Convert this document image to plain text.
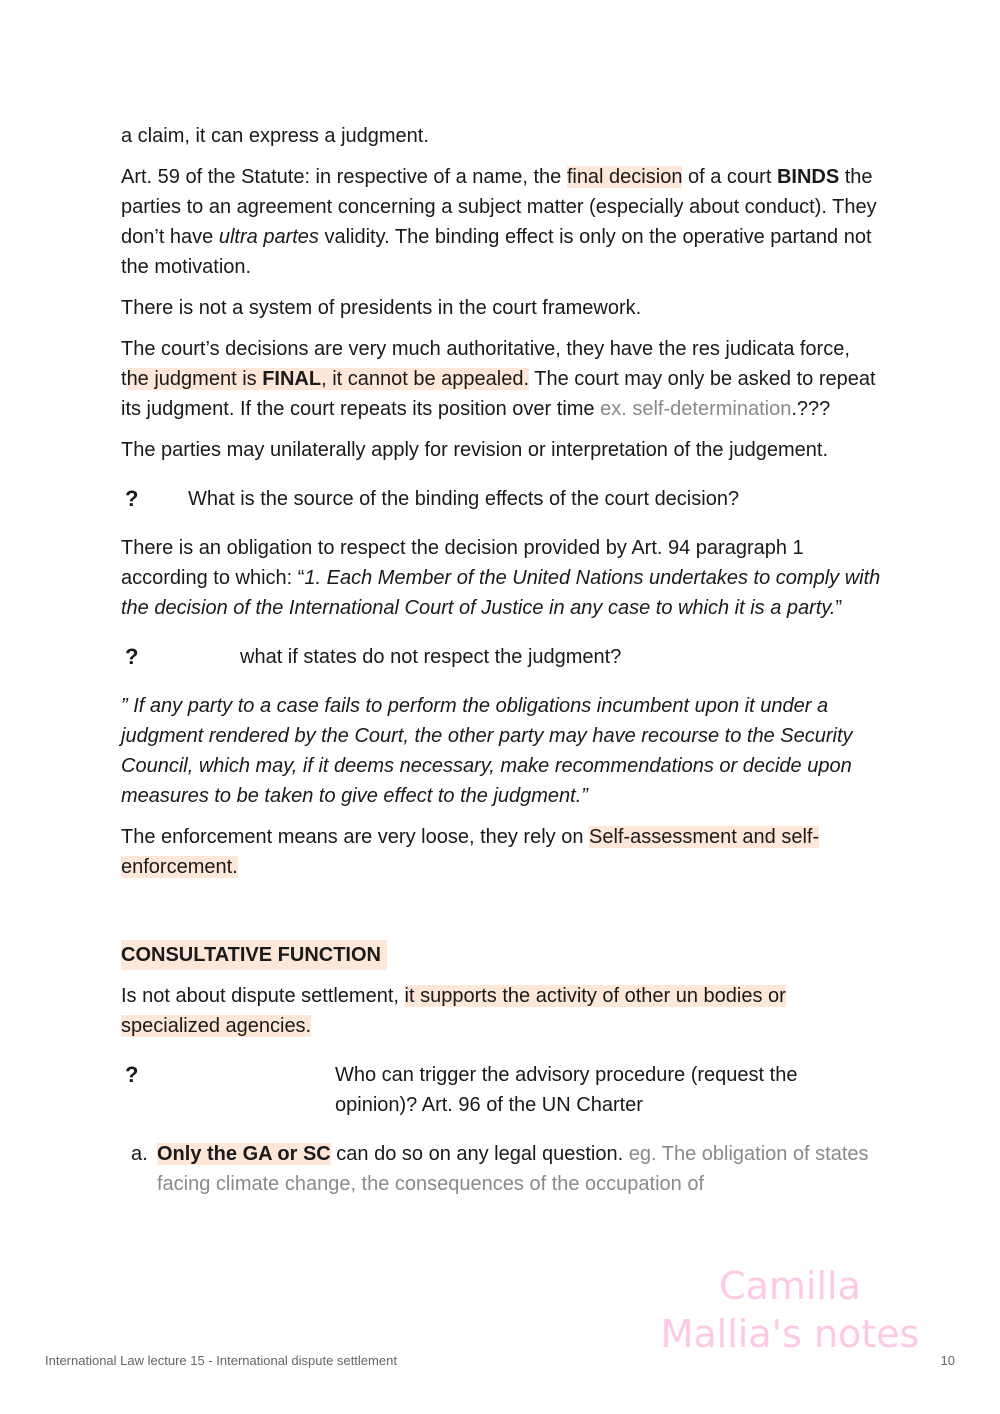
a claim, it can express a judgment.

Art. 59 of the Statute: in respective of a name, the final decision of a court BINDS the parties to an agreement concerning a subject matter (especially about conduct). They don’t have ultra partes validity. The binding effect is only on the operative partand not the motivation.

There is not a system of presidents in the court framework.

The court’s decisions are very much authoritative, they have the res judicata force, the judgment is FINAL, it cannot be appealed. The court may only be asked to repeat its judgment. If the court repeats its position over time ex. self-determination.???

The parties may unilaterally apply for revision or interpretation of the judgement.

?	What is the source of the binding effects of the court decision?

There is an obligation to respect the decision provided by Art. 94 paragraph 1 according to which: “1. Each Member of the United Nations undertakes to comply with the decision of the International Court of Justice in any case to which it is a party.”

?	what if states do not respect the judgment?

” If any party to a case fails to perform the obligations incumbent upon it under a judgment rendered by the Court, the other party may have recourse to the Security Council, which may, if it deems necessary, make recommendations or decide upon measures to be taken to give effect to the judgment.”

The enforcement means are very loose, they rely on Self-assessment and self-enforcement.

CONSULTATIVE FUNCTION

Is not about dispute settlement, it supports the activity of other un bodies or specialized agencies.

?	Who can trigger the advisory procedure (request the opinion)? Art. 96 of the UN Charter
a. Only the GA or SC can do so on any legal question. eg. The obligation of states facing climate change, the consequences of the occupation of
Camilla Mallia's notes
International Law lecture 15 - International dispute settlement	10
